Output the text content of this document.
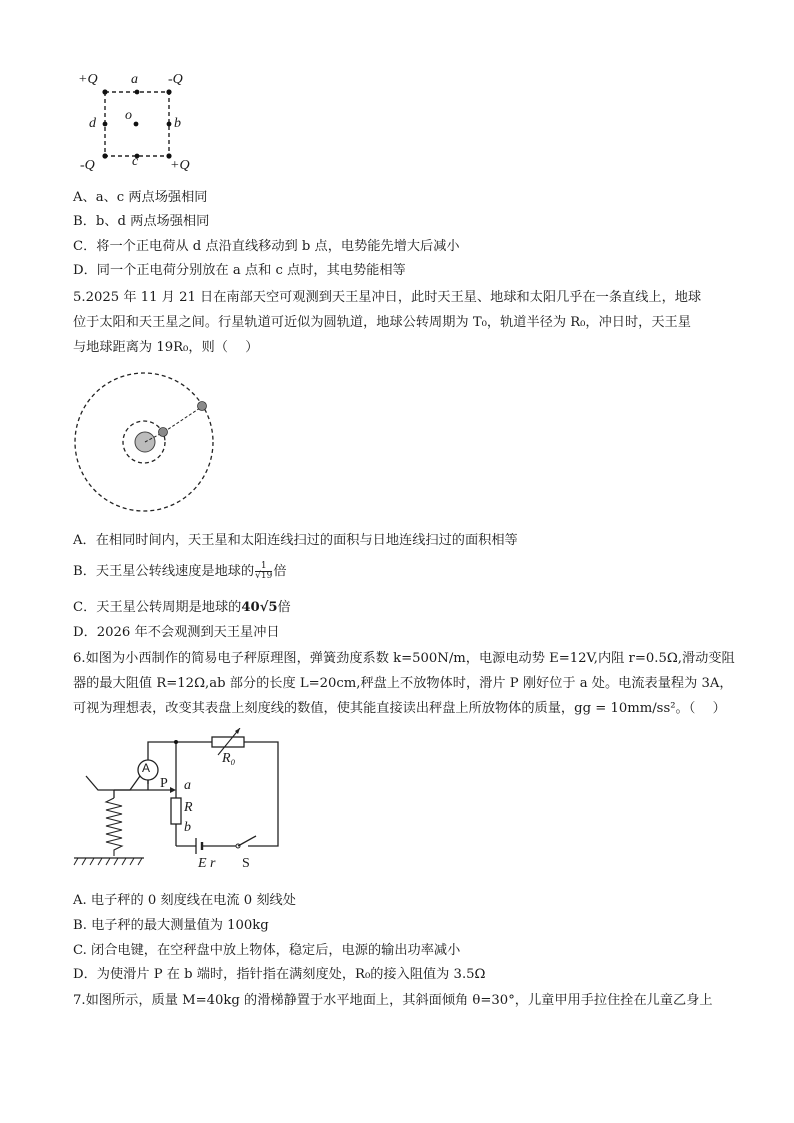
+Q a -Q
d
o
b
-Q	c +Q
A、a、c 两点场强相同
B．b、d 两点场强相同
C．将一个正电荷从 d 点沿直线移动到 b 点，电势能先增大后减小
D．同一个正电荷分别放在 a 点和 c 点时，其电势能相等
5.2025 年 11 月 21 日在南部天空可观测到天王星冲日，此时天王星、地球和太阳几乎在一条直线上，地球
位于太阳和天王星之间。行星轨道可近似为圆轨道，地球公转周期为 T₀，轨道半径为 R₀，冲日时，天王星
与地球距离为 19R₀，则（　 ）
A．在相同时间内，天王星和太阳连线扫过的面积与日地连线扫过的面积相等
B．天王星公转线速度是地球的 $\frac{1}{√19}$ 倍
C．天王星公转周期是地球的40√5倍
D．2026 年不会观测到天王星冲日
6.如图为小西制作的简易电子秤原理图，弹簧劲度系数 k=500N/m，电源电动势 E=12V,内阻 r=0.5Ω,滑动变阻
器的最大阻值 R=12Ω,ab 部分的长度 L=20cm,秤盘上不放物体时，滑片 P 刚好位于 a 处。电流表量程为 3A，
可视为理想表，改变其表盘上刻度线的数值，使其能直接读出秤盘上所放物体的质量，gg = 10mm/ss²。（　 ）
A
P a
R
b
R₀
E r S
A. 电子秤的 0 刻度线在电流 0 刻线处
B. 电子秤的最大测量值为 100kg
C. 闭合电键，在空秤盘中放上物体，稳定后，电源的输出功率减小
D．为使滑片 P 在 b 端时，指针指在满刻度处，R₀的接入阻值为 3.5Ω
7.如图所示，质量 M=40kg 的滑梯静置于水平地面上，其斜面倾角 θ=30°，儿童甲用手拉住拴在儿童乙身上
